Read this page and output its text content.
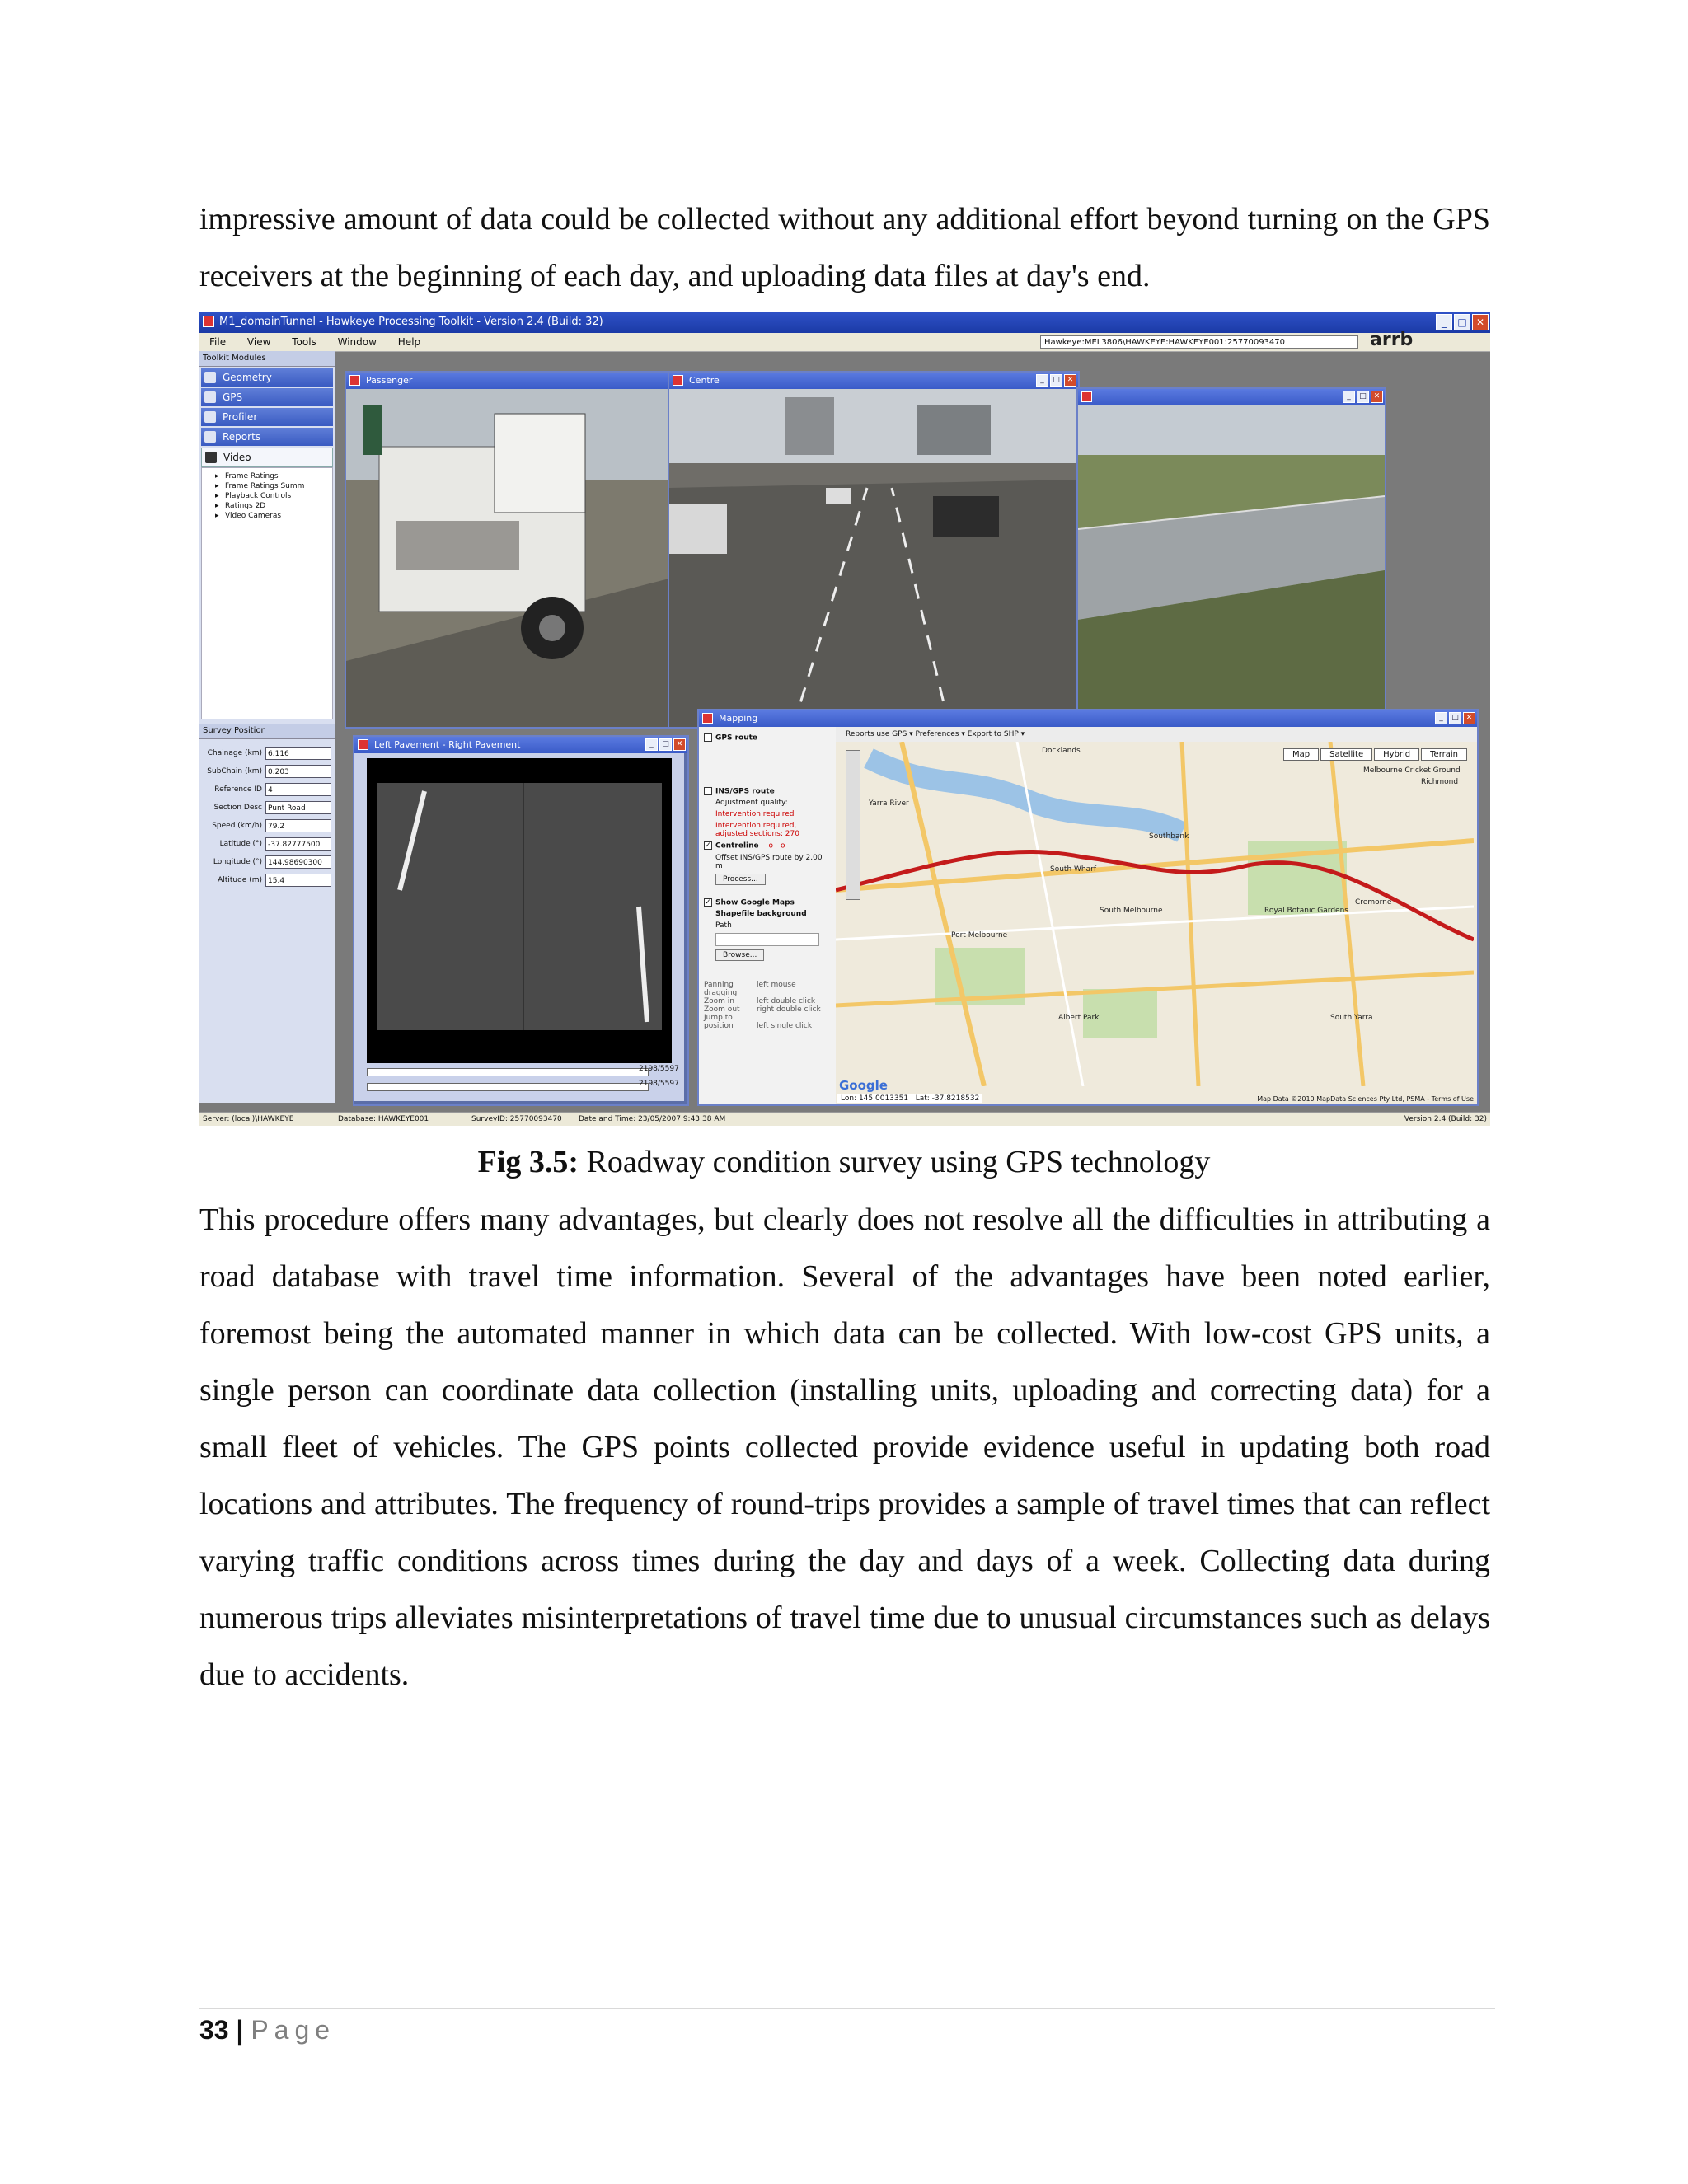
impressive amount of data could be collected without any additional effort beyond turning on the GPS receivers at the beginning of each day, and uploading data files at day's end.

M1_domainTunnel - Hawkeye Processing Toolkit - Version 2.4 (Build: 32)	_	□ ✕
File View Tools Window Help	Hawkeye:MEL3806\HAWKEYE:HAWKEYE001:25770093470	arrb
Toolkit Modules
Geometry
GPS
Profiler
Reports
Video
▸ Frame Ratings
▸ Frame Ratings Summ
▸ Playback Controls
▸ Ratings 2D
▸ Video Cameras
Survey Position
Chainage (km) 6.116
SubChain (km) 0.203
Reference ID 4
Section Desc Punt Road
Speed (km/h) 79.2
Latitude (°) -37.82777500
Longitude (°) 144.98690300
Altitude (m) 15.4
Passenger	Centre	_	□ ✕
_	□ ✕
Left Pavement - Right Pavement	_	□ ✕
2198/5597
2198/5597
Mapping	_	□ ✕
GPS route
INS/GPS route
Adjustment quality:
Intervention required
Intervention required, adjusted sections: 270
✓Centreline —o—o—
Offset INS/GPS route by 2.00 m
Process...
✓Show Google Maps
Shapefile background
Path
Browse...
Panning	left mouse dragging
Zoom in	left double click
Zoom out right double click
Jump to position	left single click
Reports use GPS ▾ Preferences ▾ Export to SHP ▾
Map	Satellite	Hybrid	Terrain
Docklands
Yarra River
Southbank
South Wharf
Melbourne Cricket Ground
Richmond
South Melbourne	Royal Botanic Gardens
Port Melbourne
Albert Park	South Yarra
Cremorne
Google
Lon: 145.0013351 Lat: -37.8218532	Map Data ©2010 MapData Sciences Pty Ltd, PSMA - Terms of Use
Server: (local)\HAWKEYE	Database: HAWKEYE001	SurveyID: 25770093470 Date and Time: 23/05/2007 9:43:38 AM	Version 2.4 (Build: 32)
Fig 3.5: Roadway condition survey using GPS technology

This procedure offers many advantages, but clearly does not resolve all the difficulties in attributing a road database with travel time information. Several of the advantages have been noted earlier, foremost being the automated manner in which data can be collected. With low-cost GPS units, a single person can coordinate data collection (installing units, uploading and correcting data) for a small fleet of vehicles. The GPS points collected provide evidence useful in updating both road locations and attributes. The frequency of round-trips provides a sample of travel times that can reflect varying traffic conditions across times during the day and days of a week. Collecting data during numerous trips alleviates misinterpretations of travel time due to unusual circumstances such as delays due to accidents.

33 | Page
